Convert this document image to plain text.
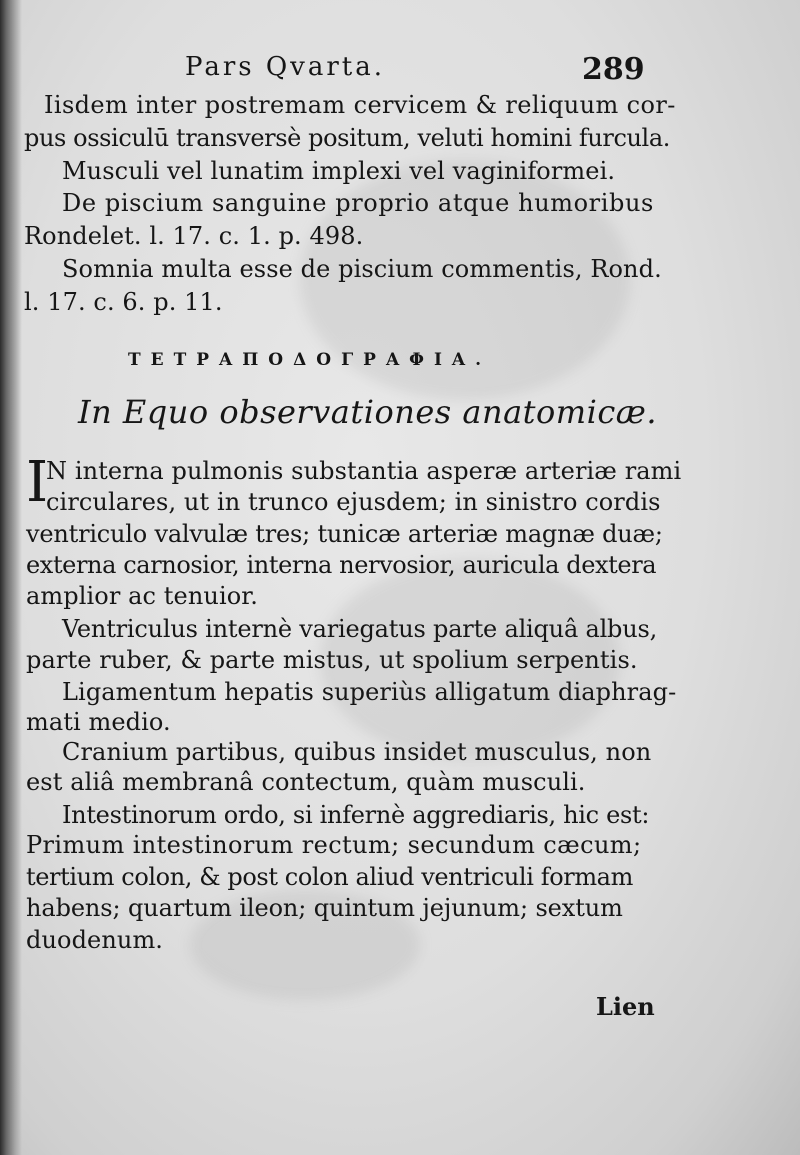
Pars Qvarta.	289
Iisdem inter postremam cervicem & reliquum cor-
pus ossiculū transversè positum, veluti homini furcula.
Musculi vel lunatim implexi vel vaginiformei.
De piscium sanguine proprio atque humoribus
Rondelet. l. 17. c. 1. p. 498.
Somnia multa esse de piscium commentis, Rond.
l. 17. c. 6. p. 11.
ΤΕΤΡΑΠΟΔΟΓΡΑΦΙΑ.
In Equo observationes anatomicæ.
I
N interna pulmonis substantia asperæ arteriæ rami
circulares, ut in trunco ejusdem; in sinistro cordis
ventriculo valvulæ tres; tunicæ arteriæ magnæ duæ;
externa carnosior, interna nervosior, auricula dextera
amplior ac tenuior.
Ventriculus internè variegatus parte aliquâ albus,
parte ruber, & parte mistus, ut spolium serpentis.
Ligamentum hepatis superiùs alligatum diaphrag-
mati medio.
Cranium partibus, quibus insidet musculus, non
est aliâ membranâ contectum, quàm musculi.
Intestinorum ordo, si infernè aggrediaris, hic est:
Primum intestinorum rectum; secundum cæcum;
tertium colon, & post colon aliud ventriculi formam
habens; quartum ileon; quintum jejunum; sextum
duodenum.
Lien
